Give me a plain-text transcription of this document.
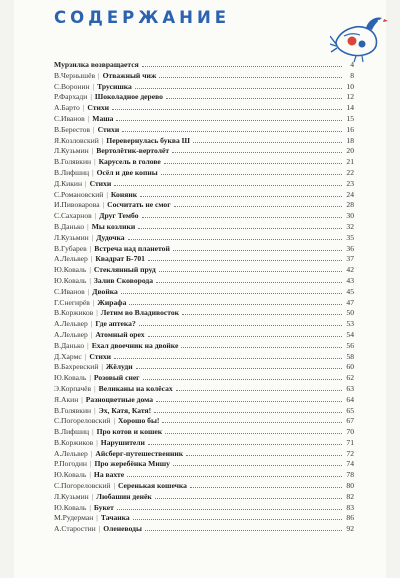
СОДЕРЖАНИЕ
Мурзилка возвращается	4
В.Чернышёв | Отважный чиж	8
С.Воронин | Трусишка	10
Р.Фархади | Шоколадное дерево	12
А.Барто | Стихи	14
С.Иванов | Маша	15
В.Берестов | Стихи	16
Я.Козловский | Перевернулась буква Ш	18
Л.Кузьмин | Вертолётик-вертолёт	20
В.Голявкин | Карусель в голове	21
В.Лифшиц | Осёл и две копны	22
Д.Кикин | Стихи	23
С.Романовский | Коняик	24
И.Пивоварова | Сосчитать не смог	28
С.Сахарнов | Друг Тембо	30
В.Данько | Мы козлики	32
Л.Кузьмин | Дудочка	35
В.Губарев | Встреча над планетой	36
А.Лельвер | Квадрат Б-701	37
Ю.Коваль | Стеклянный пруд	42
Ю.Коваль | Залив Сковорода	43
С.Иванов | Двойка	45
Г.Снегирёв | Жирафа	47
В.Коржиков | Летим во Владивосток	50
А.Лельвер | Где аптека?	53
А.Лельвер | Атомный орех	54
В.Данько | Ехал двоечник на двойке	56
Д.Хармс | Стихи	58
В.Бахревский | Жёлуди	60
Ю.Коваль | Розовый снег	62
Э.Корпачёв | Великаны на колёсах	63
Я.Акин | Разноцветные дома	64
В.Голявкин | Эх, Катя, Катя!	65
С.Погореловский | Хорошо бы!	67
В.Лифшиц | Про котов и кошек	70
В.Коржиков | Нарушители	71
А.Лельвер | Айсберг-путешественник	72
Р.Погодин | Про жеребёнка Мишу	74
Ю.Коваль | На вахте	78
С.Погореловский | Серенькая кошечка	80
Л.Кузьмин | Любашин денёк	82
Ю.Коваль | Букет	83
М.Рудерман | Тачанка	86
А.Старостин | Оленеводы	92
